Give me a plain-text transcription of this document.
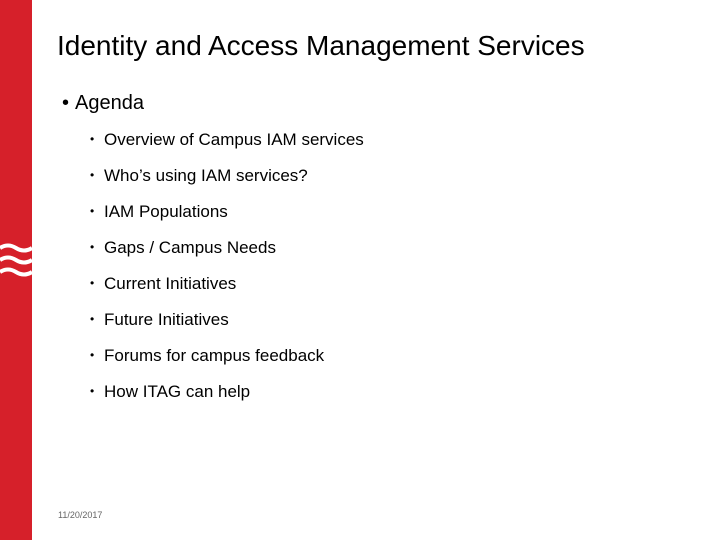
Identity and Access Management Services
• Agenda
• Overview of Campus IAM services
• Who’s using IAM services?
• IAM Populations
• Gaps / Campus Needs
• Current Initiatives
• Future Initiatives
• Forums for campus feedback
• How ITAG can help
11/20/2017
